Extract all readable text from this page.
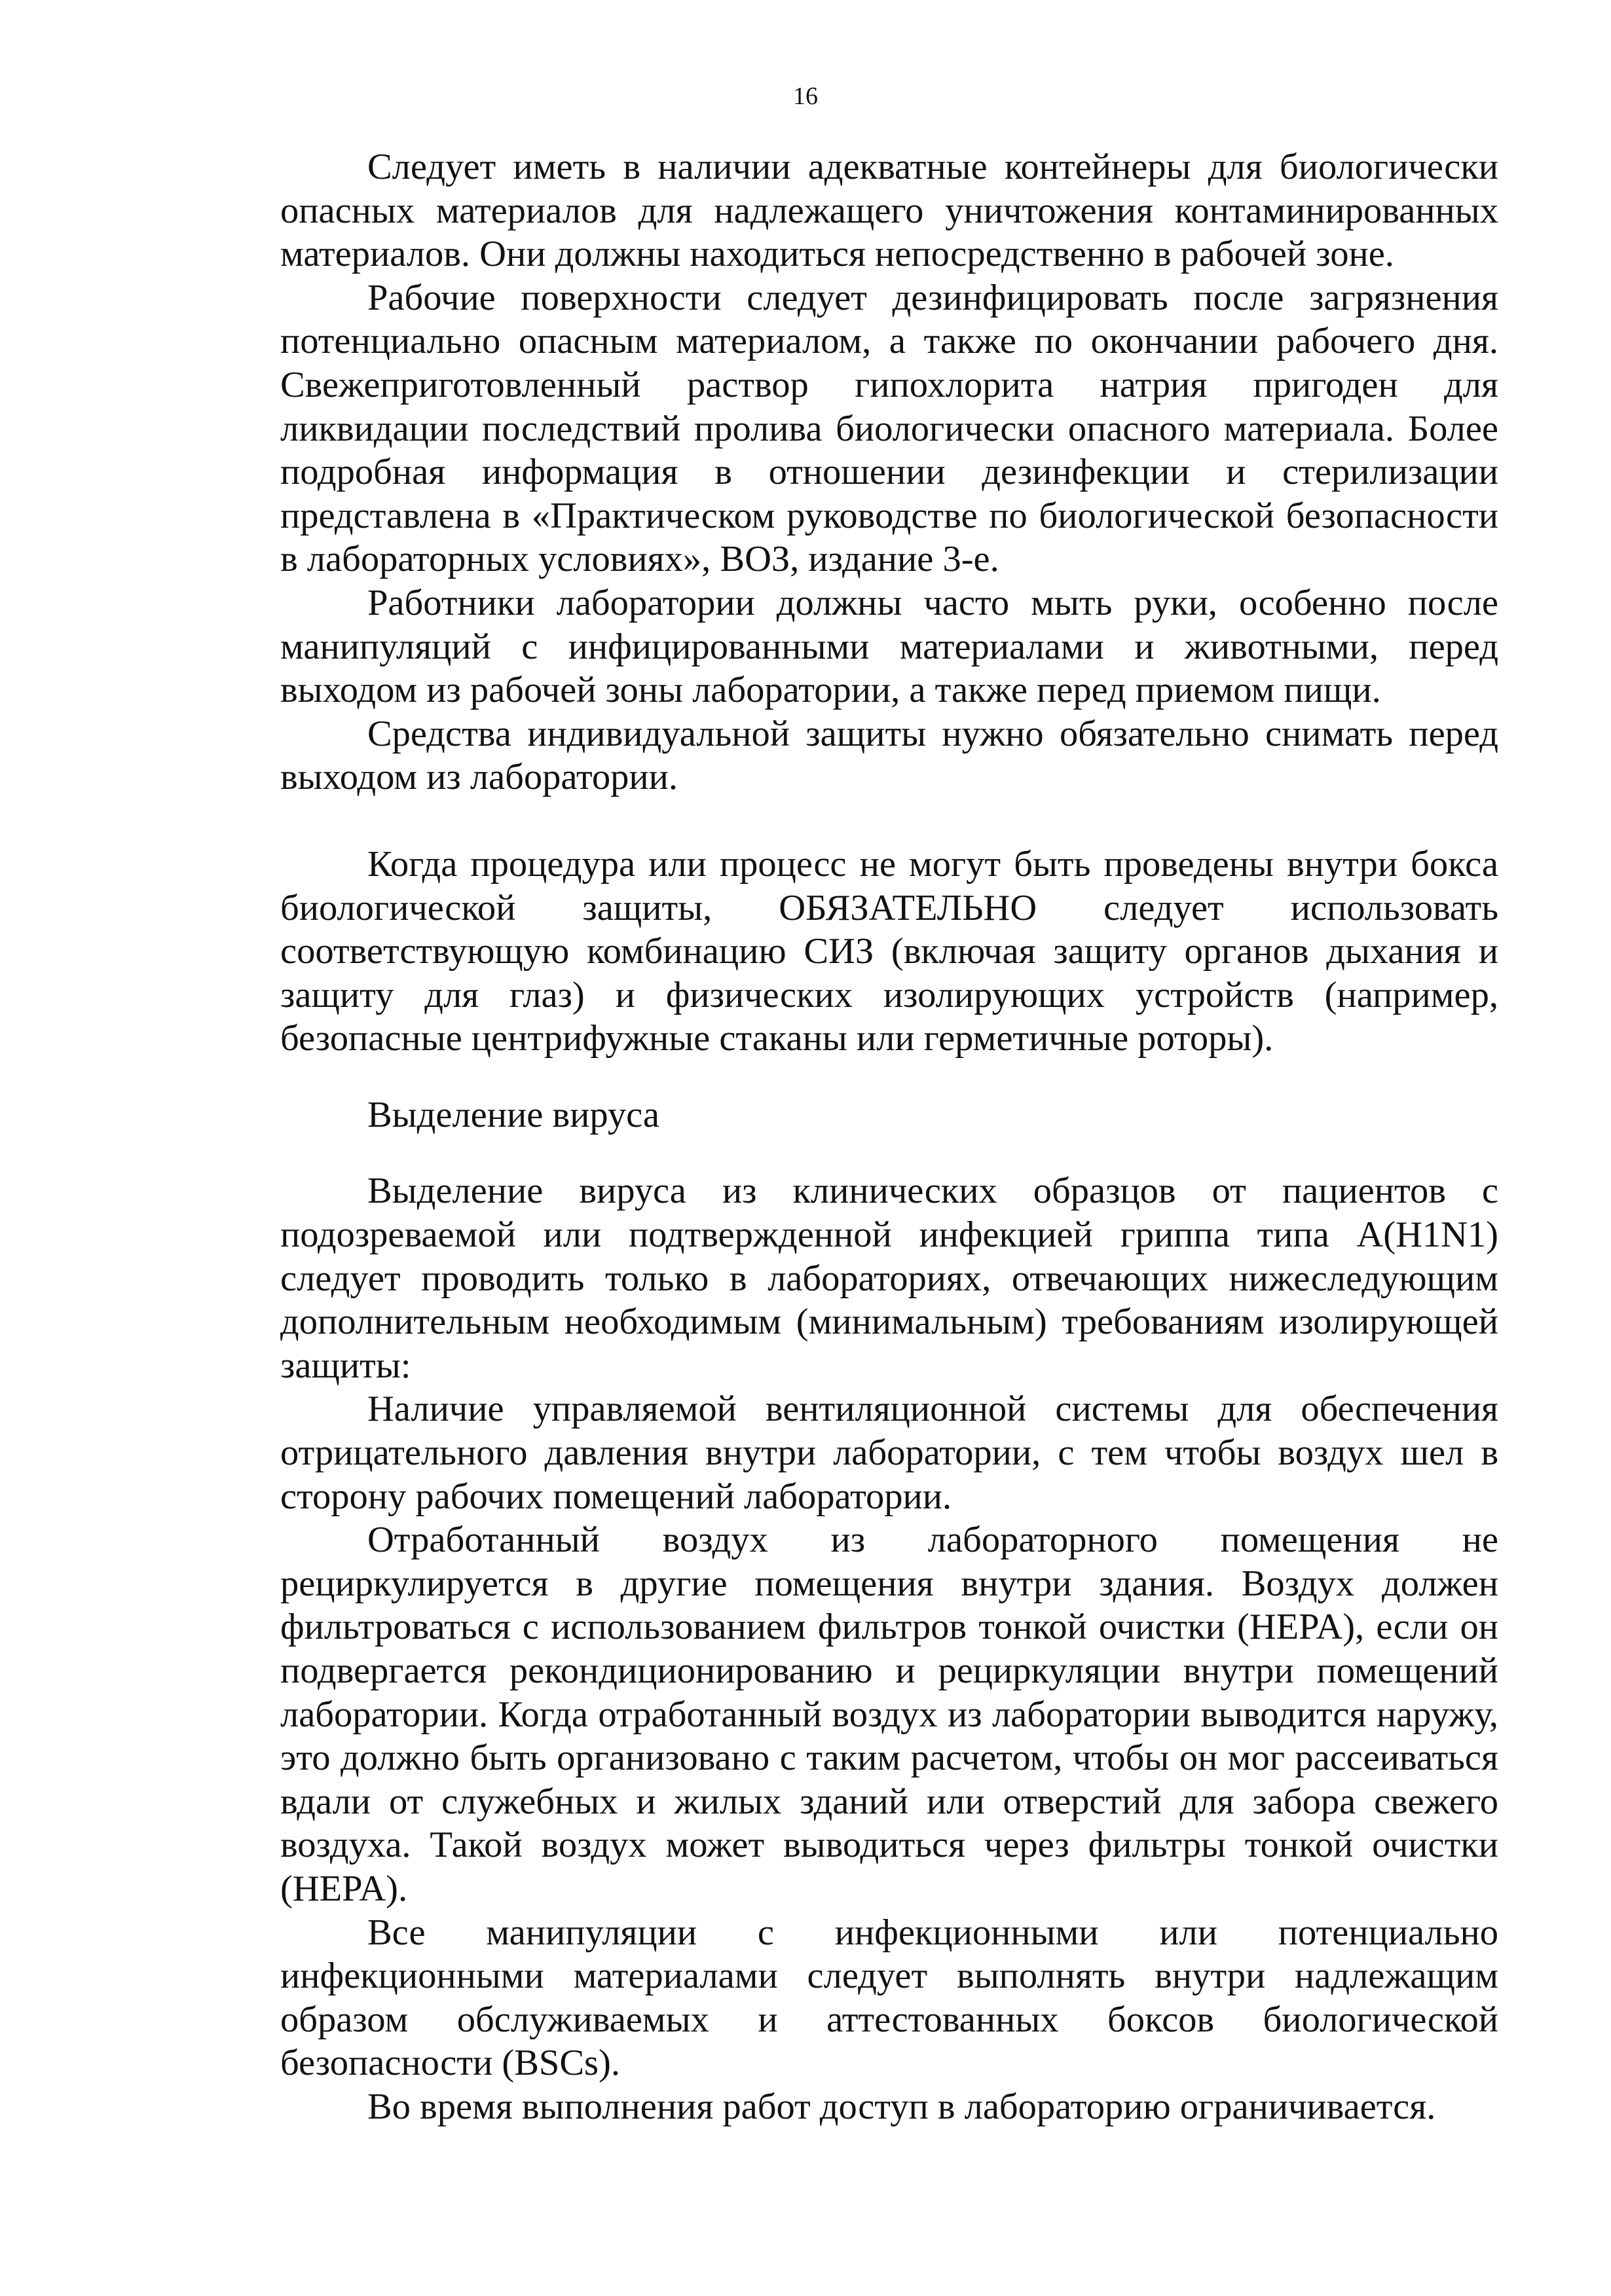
16

Следует иметь в наличии адекватные контейнеры для биологически опасных материалов для надлежащего уничтожения контаминированных материалов. Они должны находиться непосредственно в рабочей зоне.

Рабочие поверхности следует дезинфицировать после загрязнения потенциально опасным материалом, а также по окончании рабочего дня. Свежеприготовленный раствор гипохлорита натрия пригоден для ликвидации последствий пролива биологически опасного материала. Более подробная информация в отношении дезинфекции и стерилизации представлена в «Практическом руководстве по биологической безопасности в лабораторных условиях», ВОЗ, издание 3-е.

Работники лаборатории должны часто мыть руки, особенно после манипуляций с инфицированными материалами и животными, перед выходом из рабочей зоны лаборатории, а также перед приемом пищи.

Средства индивидуальной защиты нужно обязательно снимать перед выходом из лаборатории.

Когда процедура или процесс не могут быть проведены внутри бокса биологической защиты, ОБЯЗАТЕЛЬНО следует использовать соответствующую комбинацию СИЗ (включая защиту органов дыхания и защиту для глаз) и физических изолирующих устройств (например, безопасные центрифужные стаканы или герметичные роторы).

Выделение вируса

Выделение вируса из клинических образцов от пациентов с подозреваемой или подтвержденной инфекцией гриппа типа A(H1N1) следует проводить только в лабораториях, отвечающих нижеследующим дополнительным необходимым (минимальным) требованиям изолирующей защиты:

Наличие управляемой вентиляционной системы для обеспечения отрицательного давления внутри лаборатории, с тем чтобы воздух шел в сторону рабочих помещений лаборатории.

Отработанный воздух из лабораторного помещения не рециркулируется в другие помещения внутри здания. Воздух должен фильтроваться с использованием фильтров тонкой очистки (HEPA), если он подвергается рекондиционированию и рециркуляции внутри помещений лаборатории. Когда отработанный воздух из лаборатории выводится наружу, это должно быть организовано с таким расчетом, чтобы он мог рассеиваться вдали от служебных и жилых зданий или отверстий для забора свежего воздуха. Такой воздух может выводиться через фильтры тонкой очистки (HEPA).

Все манипуляции с инфекционными или потенциально инфекционными материалами следует выполнять внутри надлежащим образом обслуживаемых и аттестованных боксов биологической безопасности (BSCs).

Во время выполнения работ доступ в лабораторию ограничивается.
